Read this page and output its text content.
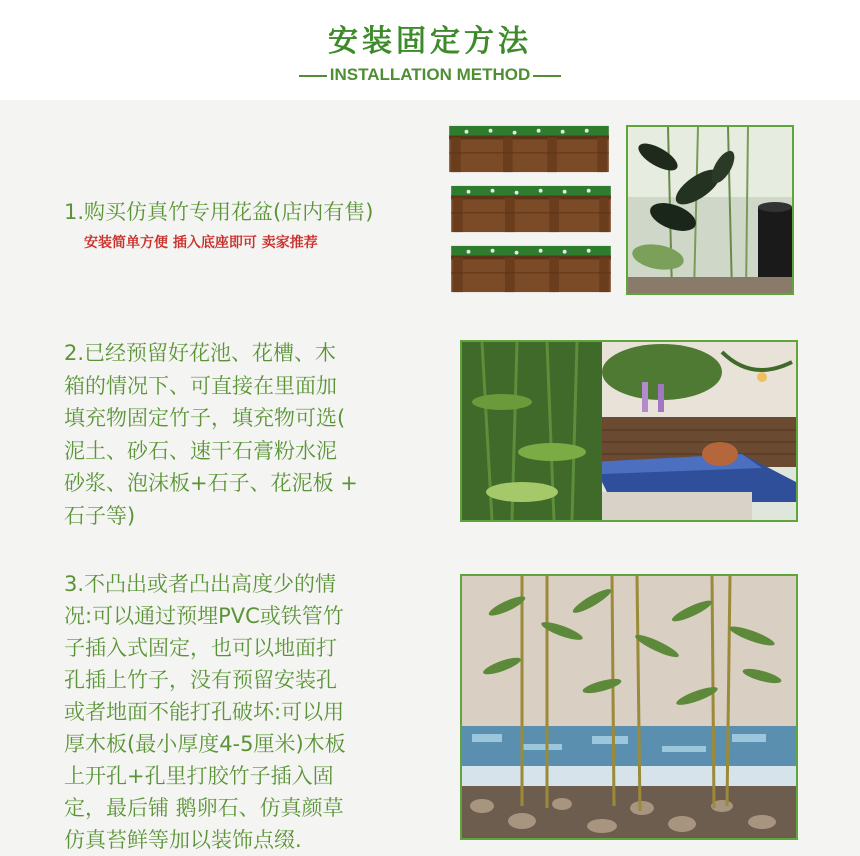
安装固定方法
INSTALLATION METHOD
1.购买仿真竹专用花盆(店内有售)
安装简单方便 插入底座即可 卖家推荐
2.已经预留好花池、花槽、木
箱的情况下、可直接在里面加
填充物固定竹子，填充物可选(
泥土、砂石、速干石膏粉水泥
砂浆、泡沫板+石子、花泥板 +
石子等)
3.不凸出或者凸出高度少的情
况:可以通过预埋PVC或铁管竹
子插入式固定，也可以地面打
孔插上竹子，没有预留安装孔
或者地面不能打孔破坏:可以用
厚木板(最小厚度4-5厘米)木板
上开孔+孔里打胶竹子插入固
定，最后铺 鹅卵石、仿真颜草
仿真苔鲜等加以装饰点缀.
